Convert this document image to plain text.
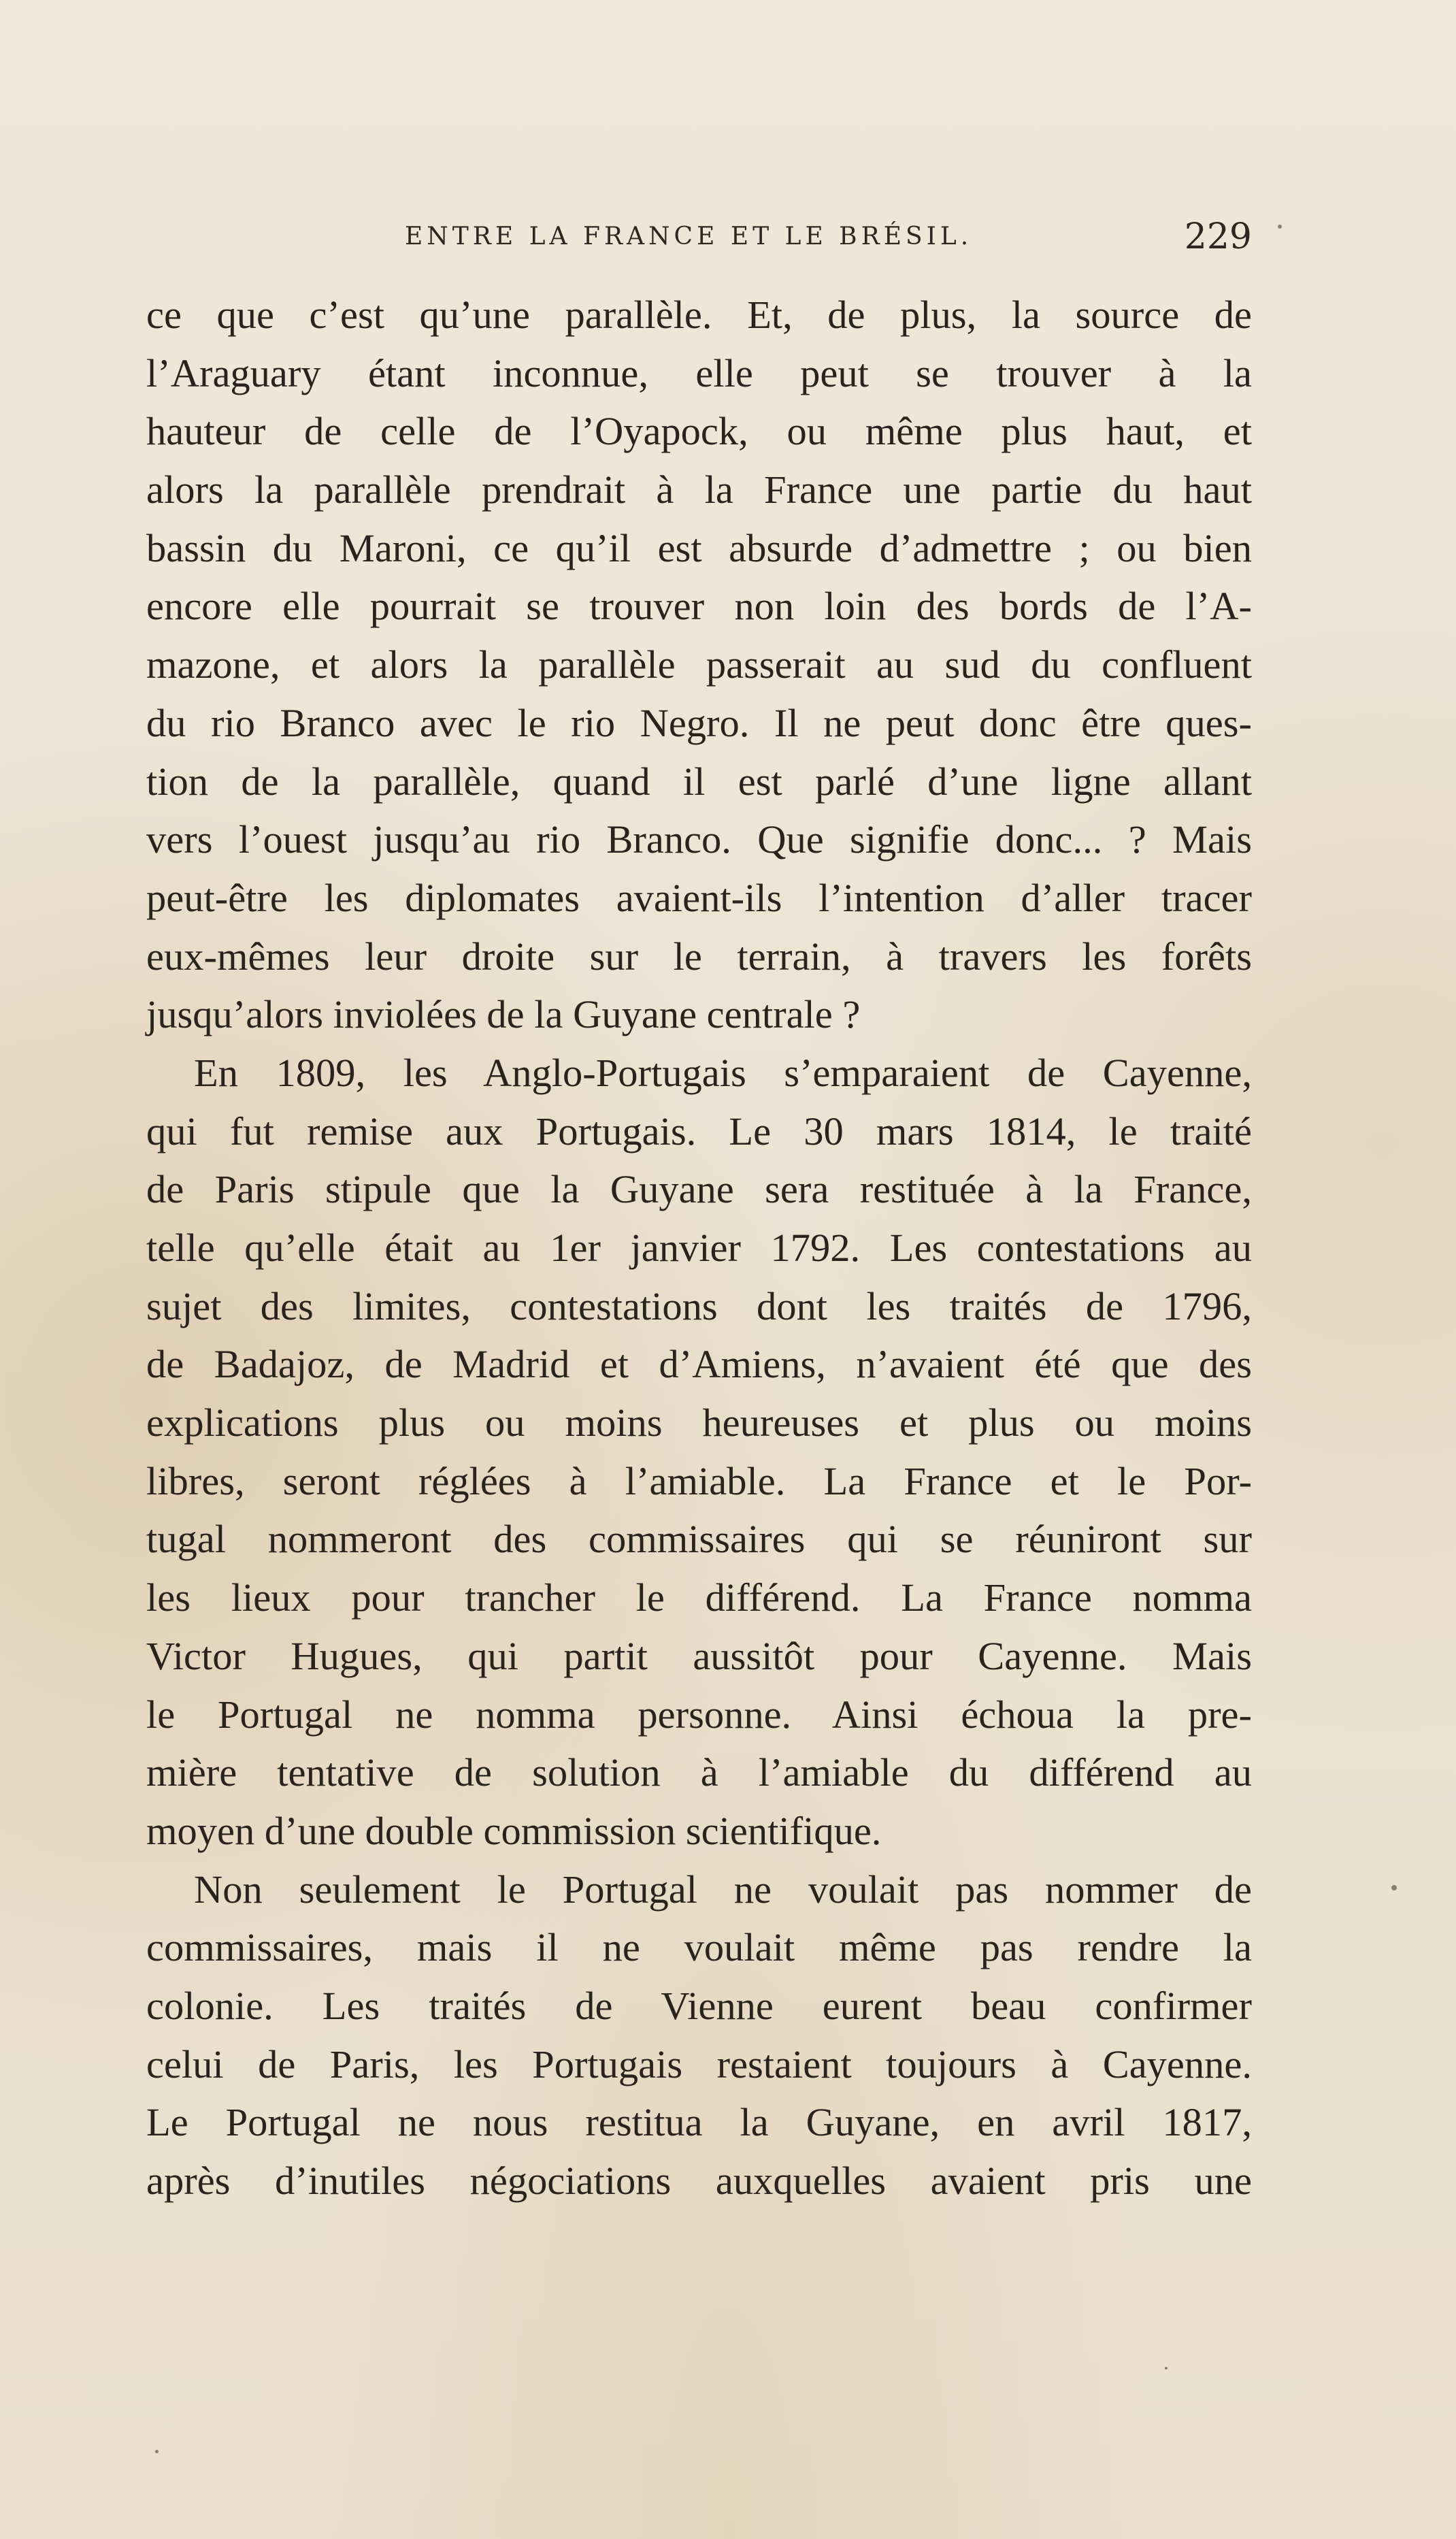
ENTRE LA FRANCE ET LE BRÉSIL.	229
ce que c’est qu’une parallèle. Et, de plus, la source de
l’Araguary étant inconnue, elle peut se trouver à la
hauteur de celle de l’Oyapock, ou même plus haut, et
alors la parallèle prendrait à la France une partie du haut
bassin du Maroni, ce qu’il est absurde d’admettre ; ou bien
encore elle pourrait se trouver non loin des bords de l’A-
mazone, et alors la parallèle passerait au sud du confluent
du rio Branco avec le rio Negro. Il ne peut donc être ques-
tion de la parallèle, quand il est parlé d’une ligne allant
vers l’ouest jusqu’au rio Branco. Que signifie donc... ? Mais
peut-être les diplomates avaient-ils l’intention d’aller tracer
eux-mêmes leur droite sur le terrain, à travers les forêts
jusqu’alors inviolées de la Guyane centrale ?
En 1809, les Anglo-Portugais s’emparaient de Cayenne,
qui fut remise aux Portugais. Le 30 mars 1814, le traité
de Paris stipule que la Guyane sera restituée à la France,
telle qu’elle était au 1er janvier 1792. Les contestations au
sujet des limites, contestations dont les traités de 1796,
de Badajoz, de Madrid et d’Amiens, n’avaient été que des
explications plus ou moins heureuses et plus ou moins
libres, seront réglées à l’amiable. La France et le Por-
tugal nommeront des commissaires qui se réuniront sur
les lieux pour trancher le différend. La France nomma
Victor Hugues, qui partit aussitôt pour Cayenne. Mais
le Portugal ne nomma personne. Ainsi échoua la pre-
mière tentative de solution à l’amiable du différend au
moyen d’une double commission scientifique.
Non seulement le Portugal ne voulait pas nommer de
commissaires, mais il ne voulait même pas rendre la
colonie. Les traités de Vienne eurent beau confirmer
celui de Paris, les Portugais restaient toujours à Cayenne.
Le Portugal ne nous restitua la Guyane, en avril 1817,
après d’inutiles négociations auxquelles avaient pris une
